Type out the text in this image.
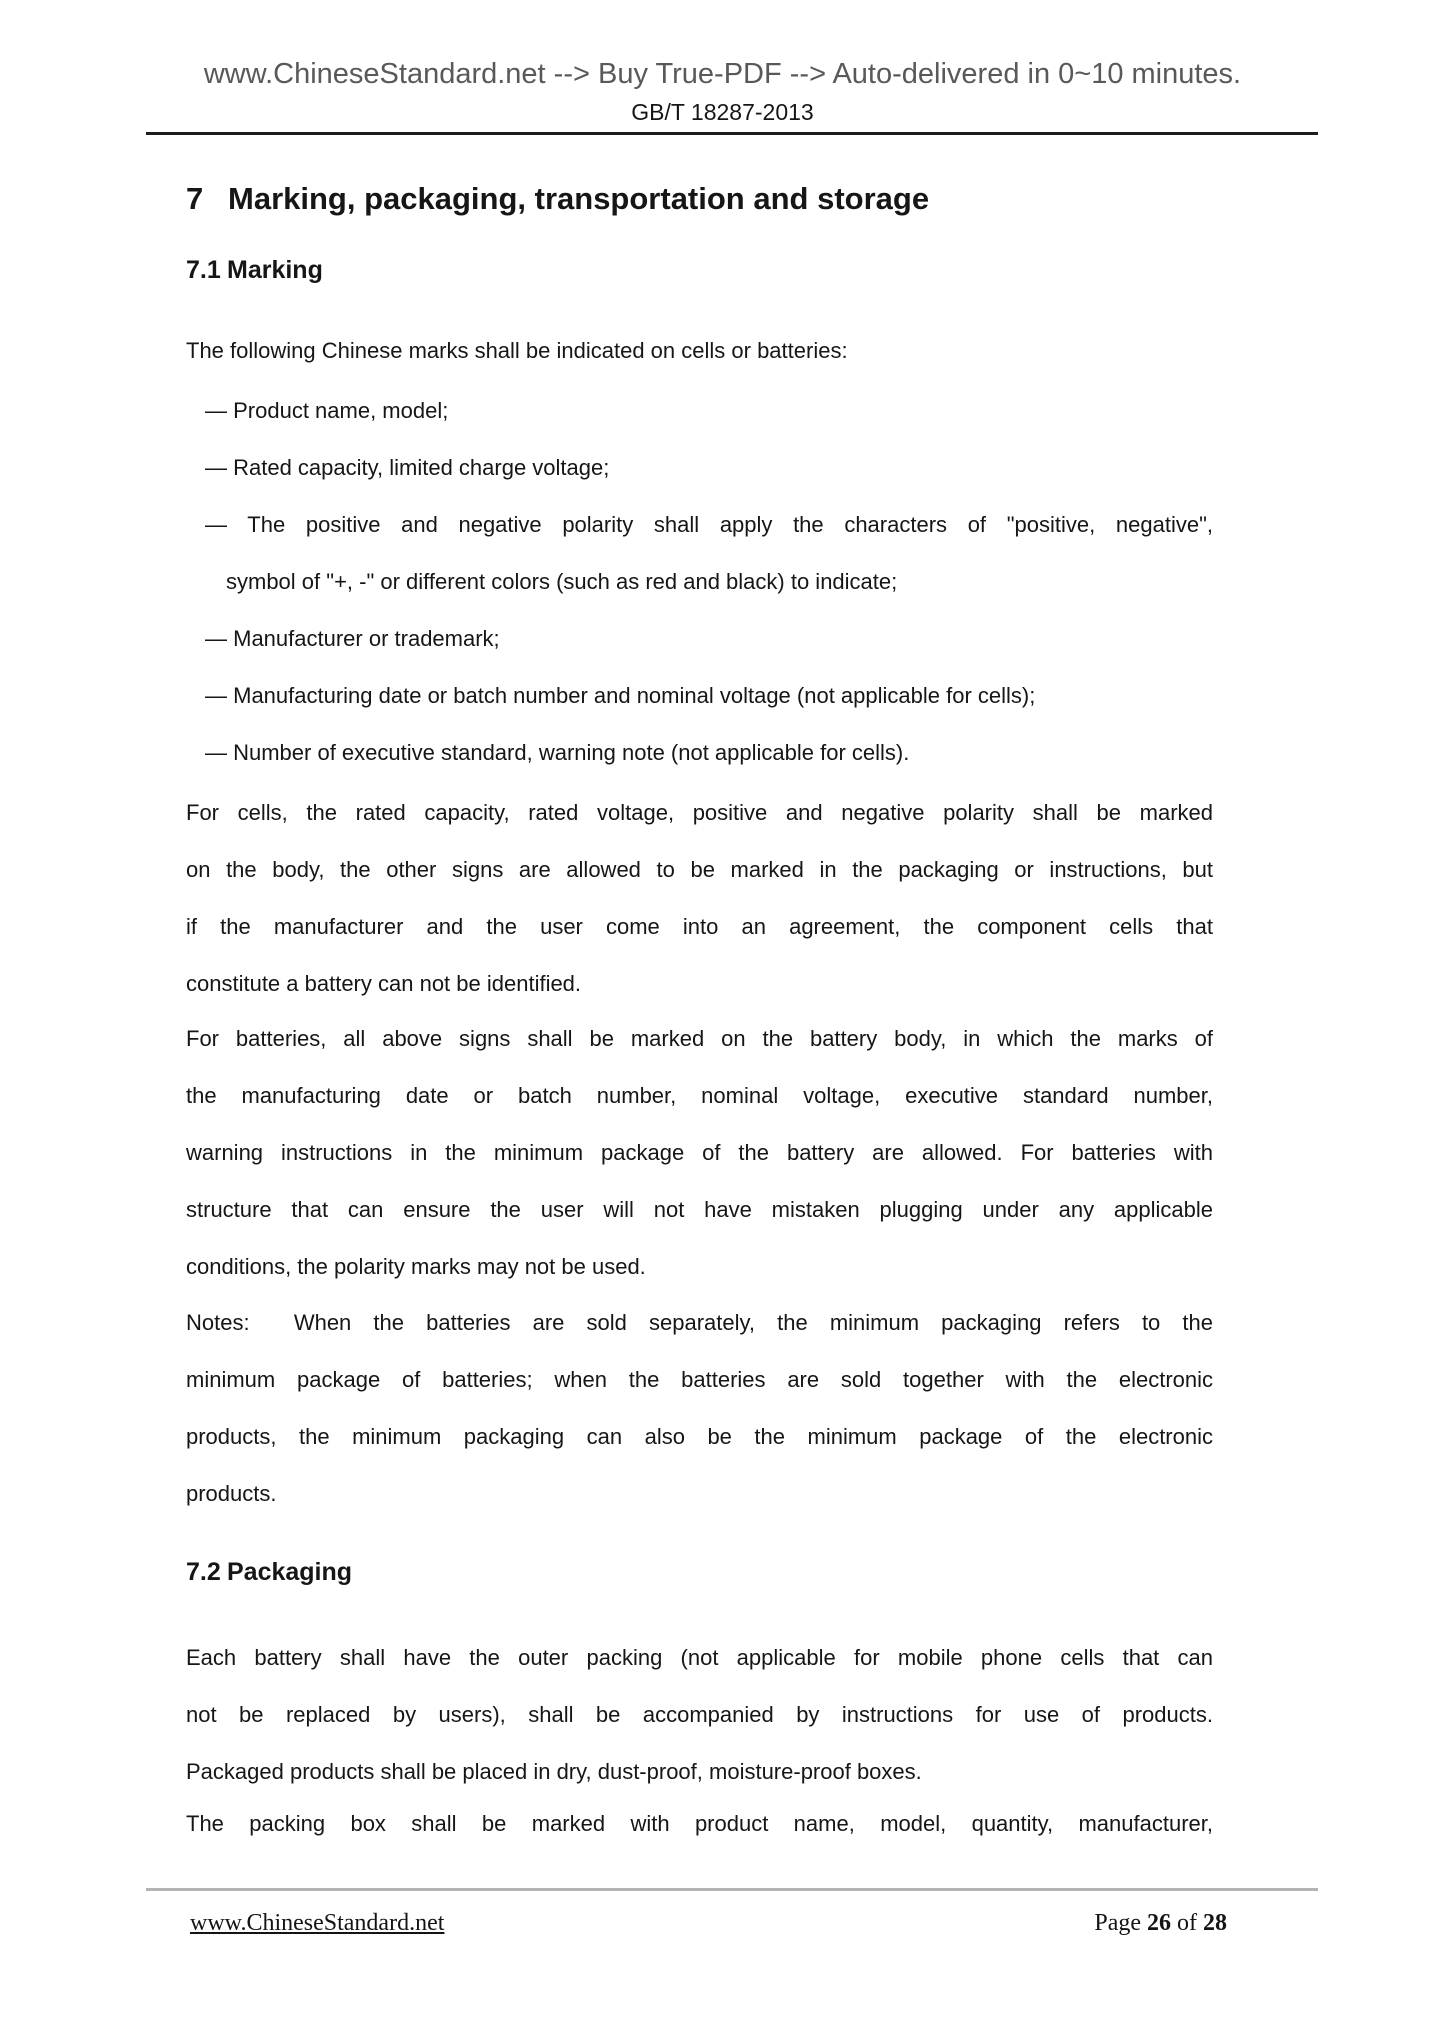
www.ChineseStandard.net --> Buy True-PDF --> Auto-delivered in 0~10 minutes.
GB/T 18287-2013
7 Marking, packaging, transportation and storage
7.1 Marking
The following Chinese marks shall be indicated on cells or batteries:
— Product name, model;
— Rated capacity, limited charge voltage;
— The positive and negative polarity shall apply the characters of "positive, negative",
symbol of "+, -" or different colors (such as red and black) to indicate;
— Manufacturer or trademark;
— Manufacturing date or batch number and nominal voltage (not applicable for cells);
— Number of executive standard, warning note (not applicable for cells).
For cells, the rated capacity, rated voltage, positive and negative polarity shall be marked
on the body, the other signs are allowed to be marked in the packaging or instructions, but
if the manufacturer and the user come into an agreement, the component cells that
constitute a battery can not be identified.
For batteries, all above signs shall be marked on the battery body, in which the marks of
the manufacturing date or batch number, nominal voltage, executive standard number,
warning instructions in the minimum package of the battery are allowed. For batteries with
structure that can ensure the user will not have mistaken plugging under any applicable
conditions, the polarity marks may not be used.
Notes:  When the batteries are sold separately, the minimum packaging refers to the
minimum package of batteries; when the batteries are sold together with the electronic
products, the minimum packaging can also be the minimum package of the electronic
products.
7.2 Packaging
Each battery shall have the outer packing (not applicable for mobile phone cells that can
not be replaced by users), shall be accompanied by instructions for use of products.
Packaged products shall be placed in dry, dust-proof, moisture-proof boxes.
The packing box shall be marked with product name, model, quantity, manufacturer,
www.ChineseStandard.net	Page 26 of 28
